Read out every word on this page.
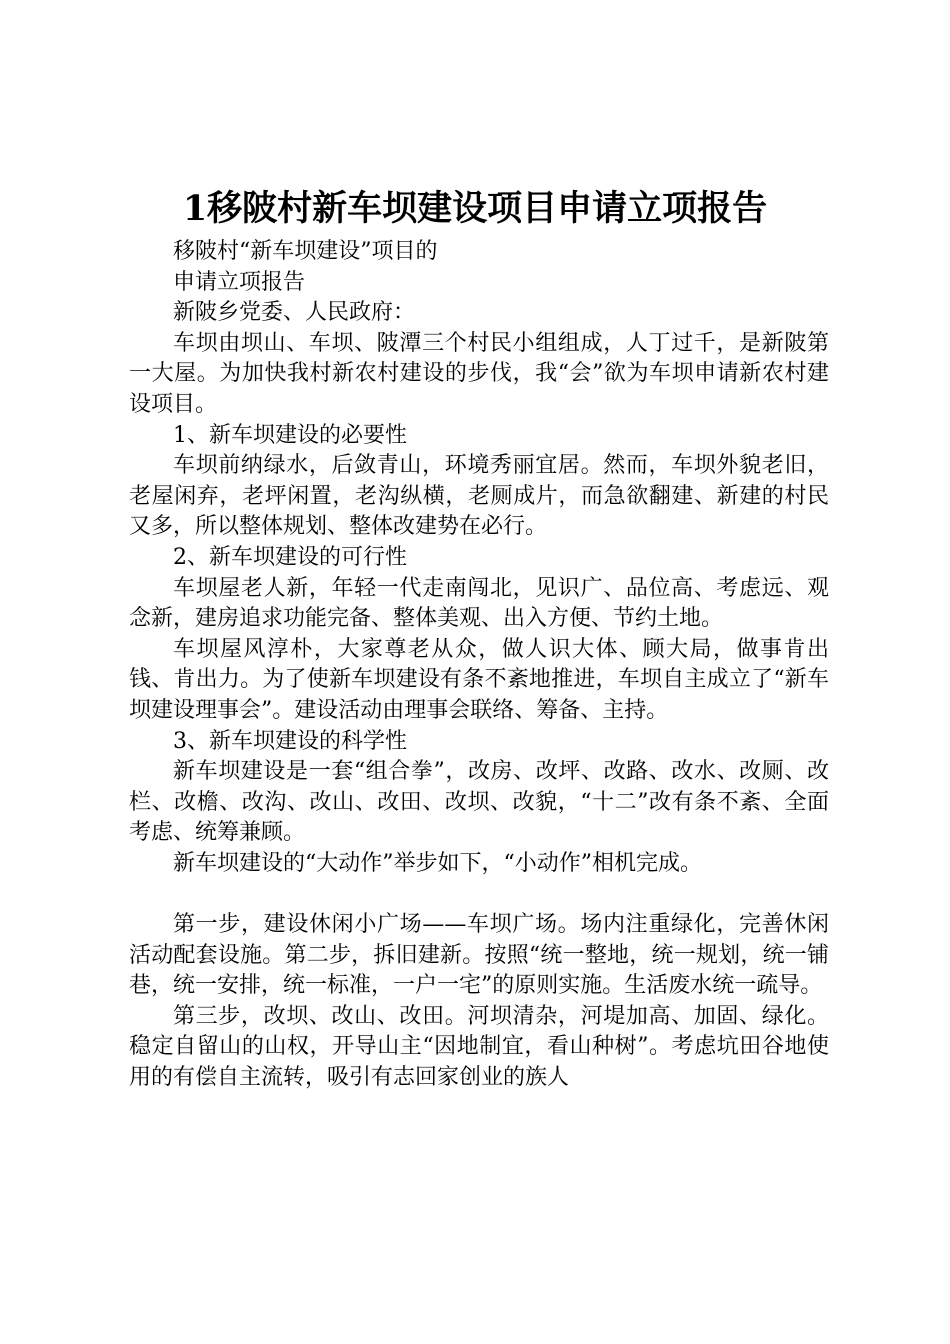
1移陂村新车坝建设项目申请立项报告

移陂村“新车坝建设”项目的

申请立项报告

新陂乡党委、人民政府：

车坝由坝山、车坝、陂潭三个村民小组组成，人丁过千，是新陂第一大屋。为加快我村新农村建设的步伐，我“会”欲为车坝申请新农村建设项目。

1、新车坝建设的必要性

车坝前纳绿水，后敛青山，环境秀丽宜居。然而，车坝外貌老旧，老屋闲弃，老坪闲置，老沟纵横，老厕成片，而急欲翻建、新建的村民又多，所以整体规划、整体改建势在必行。

2、新车坝建设的可行性

车坝屋老人新，年轻一代走南闯北，见识广、品位高、考虑远、观念新，建房追求功能完备、整体美观、出入方便、节约土地。

车坝屋风淳朴，大家尊老从众，做人识大体、顾大局，做事肯出钱、肯出力。为了使新车坝建设有条不紊地推进，车坝自主成立了“新车坝建设理事会”。建设活动由理事会联络、筹备、主持。

3、新车坝建设的科学性

新车坝建设是一套“组合拳”，改房、改坪、改路、改水、改厕、改栏、改檐、改沟、改山、改田、改坝、改貌，“十二”改有条不紊、全面考虑、统筹兼顾。

新车坝建设的“大动作”举步如下，“小动作”相机完成。

第一步，建设休闲小广场——车坝广场。场内注重绿化，完善休闲活动配套设施。第二步，拆旧建新。按照“统一整地，统一规划，统一铺巷，统一安排，统一标准，一户一宅”的原则实施。生活废水统一疏导。

第三步，改坝、改山、改田。河坝清杂，河堤加高、加固、绿化。稳定自留山的山权，开导山主“因地制宜，看山种树”。考虑坑田谷地使用的有偿自主流转，吸引有志回家创业的族人
